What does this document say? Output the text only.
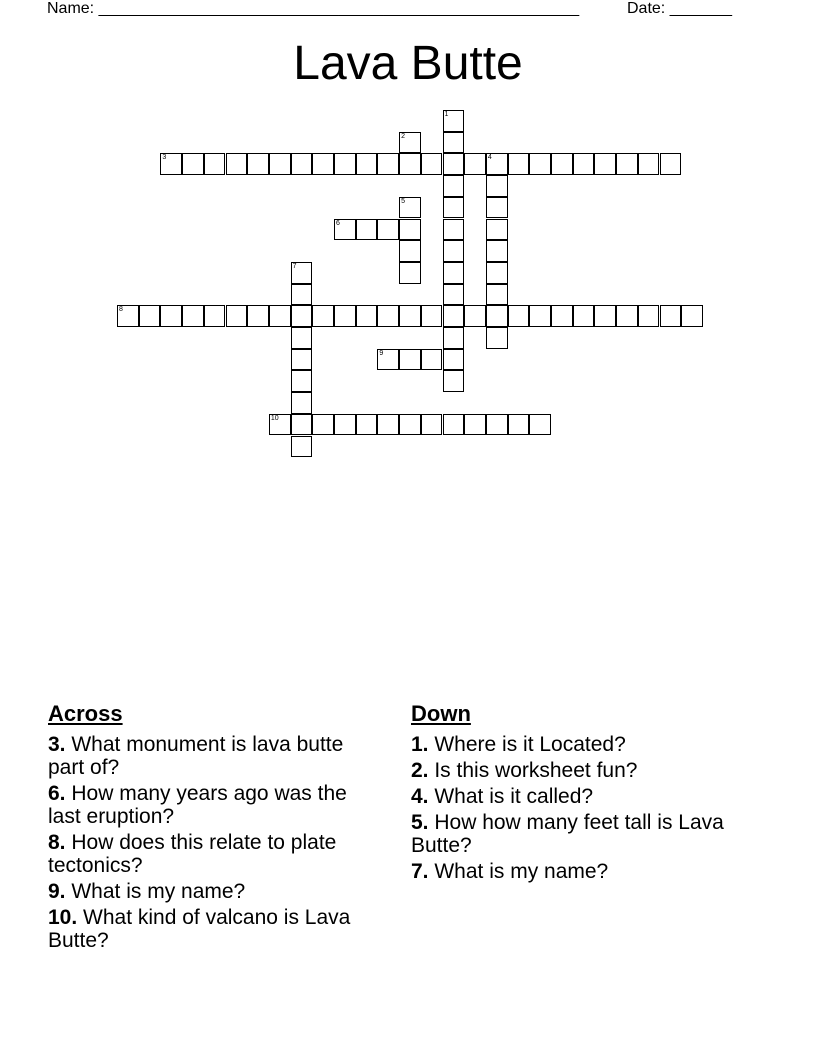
Name: ______________________________________________________	Date: _______
Lava Butte
1
2
3	4
5
6
7
8
9
10
Across
3. What monument is lava butte part of?
6. How many years ago was the last eruption?
8. How does this relate to plate tectonics?
9. What is my name?
10. What kind of valcano is Lava Butte?
Down
1. Where is it Located?
2. Is this worksheet fun?
4. What is it called?
5. How how many feet tall is Lava Butte?
7. What is my name?
